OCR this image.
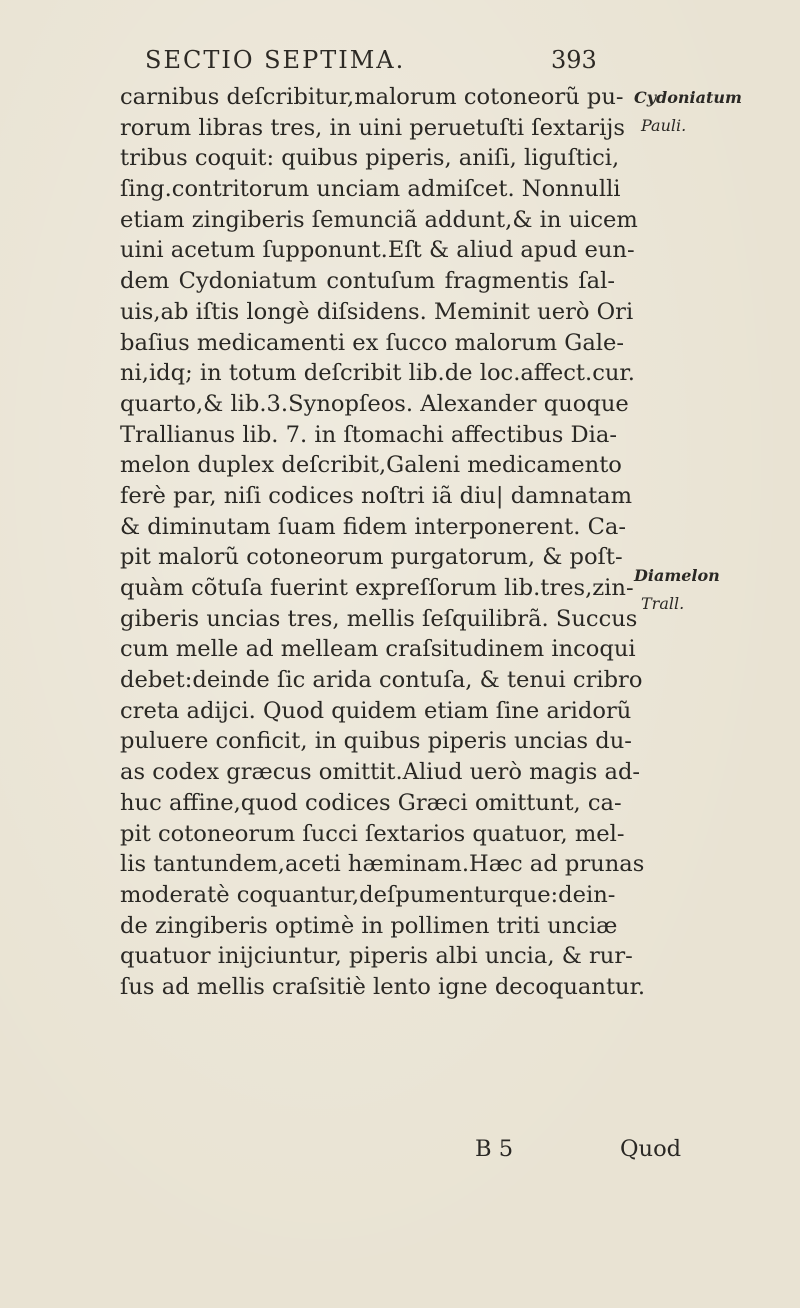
SECTIO SEPTIMA.	393
carnibus deſcribitur,malorum cotoneorũ pu-
rorum libras tres, in uini peruetuſti ſextarijs
tribus coquit: quibus piperis, aniſi, liguſtici,
ſing.contritorum unciam admiſcet. Nonnulli
etiam zingiberis ſemunciã addunt,& in uicem
uini acetum ſupponunt.Eſt & aliud apud eun-
dem Cydoniatum contuſum fragmentis ſal-
uis,ab iſtis longè diſsidens. Meminit uerò Ori
baſius medicamenti ex ſucco malorum Gale-
ni,idq; in totum deſcribit lib.de loc.affect.cur.
quarto,& lib.3.Synopſeos. Alexander quoque
Trallianus lib. 7. in ſtomachi affectibus Dia-
melon duplex deſcribit,Galeni medicamento
ferè par, niſi codices noſtri iã diu| damnatam
& diminutam ſuam fidem interponerent. Ca-
pit malorũ cotoneorum purgatorum, & poſt-
quàm cõtuſa fuerint expreſſorum lib.tres,zin-
giberis uncias tres, mellis ſeſquilibrã. Succus
cum melle ad melleam craſsitudinem incoqui
debet:deinde ſic arida contuſa, & tenui cribro
creta adijci. Quod quidem etiam ſine aridorũ
puluere conficit, in quibus piperis uncias du-
as codex græcus omittit.Aliud uerò magis ad-
huc affine,quod codices Græci omittunt, ca-
pit cotoneorum ſucci ſextarios quatuor, mel-
lis tantundem,aceti hæminam.Hæc ad prunas
moderatè coquantur,deſpumenturque:dein-
de zingiberis optimè in pollimen triti unciæ
quatuor inijciuntur, piperis albi uncia, & rur-
ſus ad mellis craſsitiè lento igne decoquantur.
B 5	Quod
Cydoniatum
Pauli.
Diamelon
Trall.
